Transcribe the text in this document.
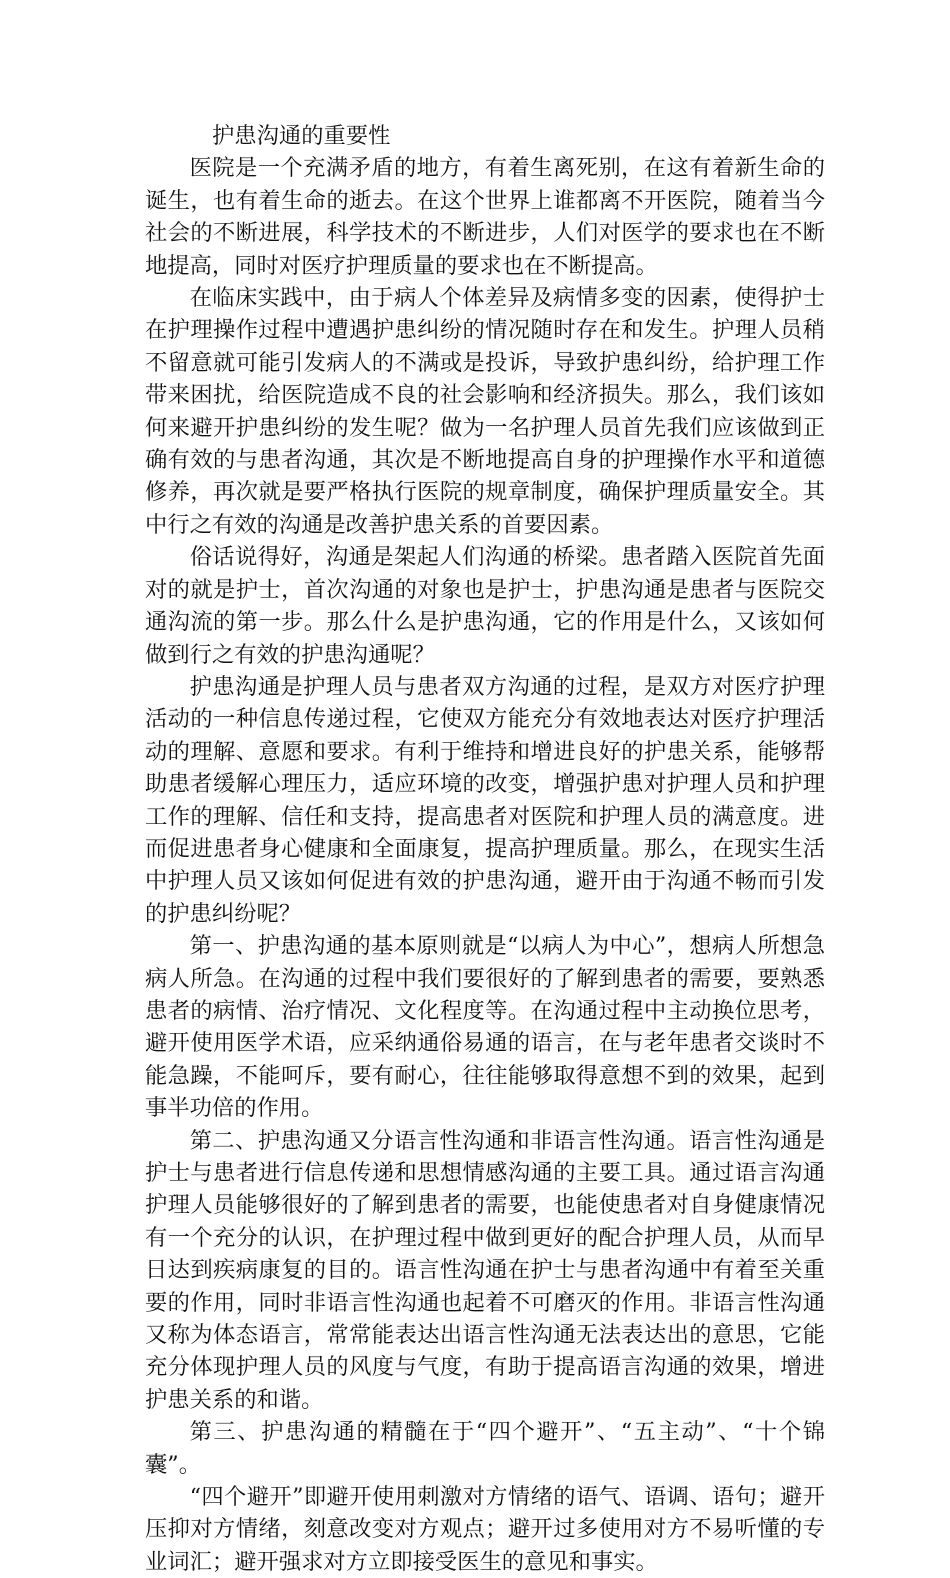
护患沟通的重要性

医院是一个充满矛盾的地方，有着生离死别，在这有着新生命的诞生，也有着生命的逝去。在这个世界上谁都离不开医院，随着当今社会的不断进展，科学技术的不断进步，人们对医学的要求也在不断地提高，同时对医疗护理质量的要求也在不断提高。

在临床实践中，由于病人个体差异及病情多变的因素，使得护士在护理操作过程中遭遇护患纠纷的情况随时存在和发生。护理人员稍不留意就可能引发病人的不满或是投诉，导致护患纠纷，给护理工作带来困扰，给医院造成不良的社会影响和经济损失。那么，我们该如何来避开护患纠纷的发生呢？做为一名护理人员首先我们应该做到正确有效的与患者沟通，其次是不断地提高自身的护理操作水平和道德修养，再次就是要严格执行医院的规章制度，确保护理质量安全。其中行之有效的沟通是改善护患关系的首要因素。

俗话说得好，沟通是架起人们沟通的桥梁。患者踏入医院首先面对的就是护士，首次沟通的对象也是护士，护患沟通是患者与医院交通沟流的第一步。那么什么是护患沟通，它的作用是什么，又该如何做到行之有效的护患沟通呢？

护患沟通是护理人员与患者双方沟通的过程，是双方对医疗护理活动的一种信息传递过程，它使双方能充分有效地表达对医疗护理活动的理解、意愿和要求。有利于维持和增进良好的护患关系，能够帮助患者缓解心理压力，适应环境的改变，增强护患对护理人员和护理工作的理解、信任和支持，提高患者对医院和护理人员的满意度。进而促进患者身心健康和全面康复，提高护理质量。那么，在现实生活中护理人员又该如何促进有效的护患沟通，避开由于沟通不畅而引发的护患纠纷呢？

第一、护患沟通的基本原则就是“以病人为中心”，想病人所想急病人所急。在沟通的过程中我们要很好的了解到患者的需要，要熟悉患者的病情、治疗情况、文化程度等。在沟通过程中主动换位思考，避开使用医学术语，应采纳通俗易通的语言，在与老年患者交谈时不能急躁，不能呵斥，要有耐心，往往能够取得意想不到的效果，起到事半功倍的作用。

第二、护患沟通又分语言性沟通和非语言性沟通。语言性沟通是护士与患者进行信息传递和思想情感沟通的主要工具。通过语言沟通护理人员能够很好的了解到患者的需要，也能使患者对自身健康情况有一个充分的认识，在护理过程中做到更好的配合护理人员，从而早日达到疾病康复的目的。语言性沟通在护士与患者沟通中有着至关重要的作用，同时非语言性沟通也起着不可磨灭的作用。非语言性沟通又称为体态语言，常常能表达出语言性沟通无法表达出的意思，它能充分体现护理人员的风度与气度，有助于提高语言沟通的效果，增进护患关系的和谐。

第三、护患沟通的精髓在于“四个避开”、“五主动”、“十个锦囊”。

“四个避开”即避开使用刺激对方情绪的语气、语调、语句；避开压抑对方情绪，刻意改变对方观点；避开过多使用对方不易听懂的专业词汇；避开强求对方立即接受医生的意见和事实。
